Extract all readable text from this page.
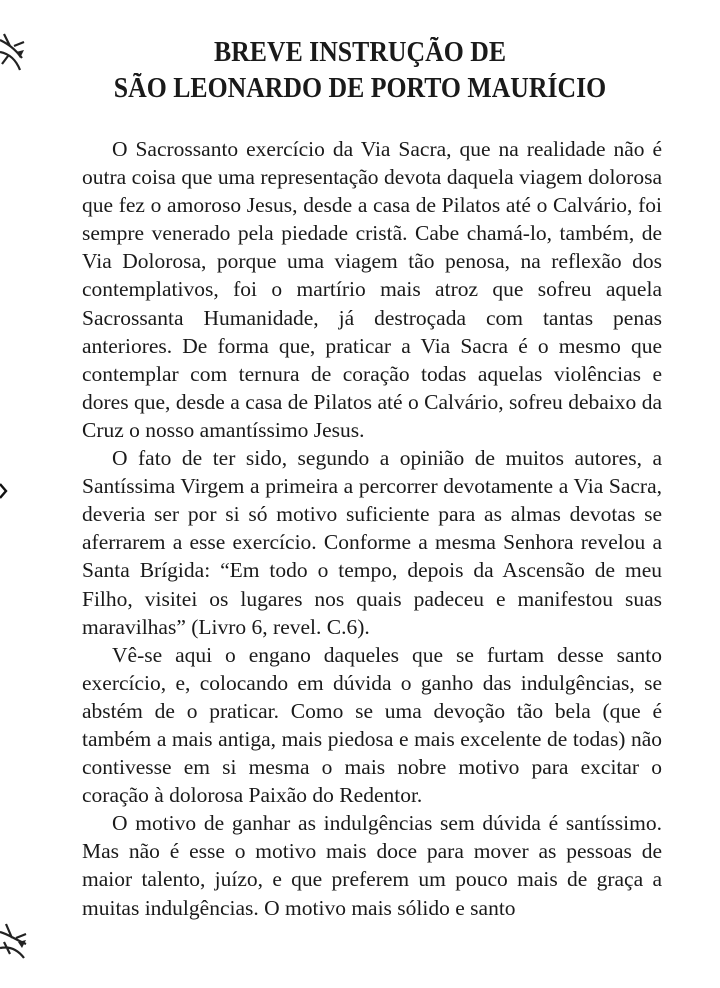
BREVE INSTRUÇÃO DE
SÃO LEONARDO DE PORTO MAURÍCIO

O Sacrossanto exercício da Via Sacra, que na realidade não é outra coisa que uma representação devota daquela viagem dolorosa que fez o amoroso Jesus, desde a casa de Pilatos até o Calvário, foi sempre venerado pela piedade cristã. Cabe chamá-lo, também, de Via Dolorosa, porque uma viagem tão penosa, na reflexão dos contemplativos, foi o martírio mais atroz que sofreu aquela Sacrossanta Humanidade, já destroçada com tantas penas anteriores. De forma que, praticar a Via Sacra é o mesmo que contemplar com ternura de coração todas aquelas violências e dores que, desde a casa de Pilatos até o Calvário, sofreu debaixo da Cruz o nosso amantíssimo Jesus.

O fato de ter sido, segundo a opinião de muitos autores, a Santíssima Virgem a primeira a percorrer devotamente a Via Sacra, deveria ser por si só motivo suficiente para as almas devotas se aferrarem a esse exercício. Conforme a mesma Senhora revelou a Santa Brígida: “Em todo o tempo, depois da Ascensão de meu Filho, visitei os lugares nos quais padeceu e manifestou suas maravilhas” (Livro 6, revel. C.6).

Vê-se aqui o engano daqueles que se furtam desse santo exercício, e, colocando em dúvida o ganho das indulgências, se abstém de o praticar. Como se uma devoção tão bela (que é também a mais antiga, mais piedosa e mais excelente de todas) não contivesse em si mesma o mais nobre motivo para excitar o coração à dolorosa Paixão do Redentor.

O motivo de ganhar as indulgências sem dúvida é santíssimo. Mas não é esse o motivo mais doce para mover as pessoas de maior talento, juízo, e que preferem um pouco mais de graça a muitas indulgências. O motivo mais sólido e santo
